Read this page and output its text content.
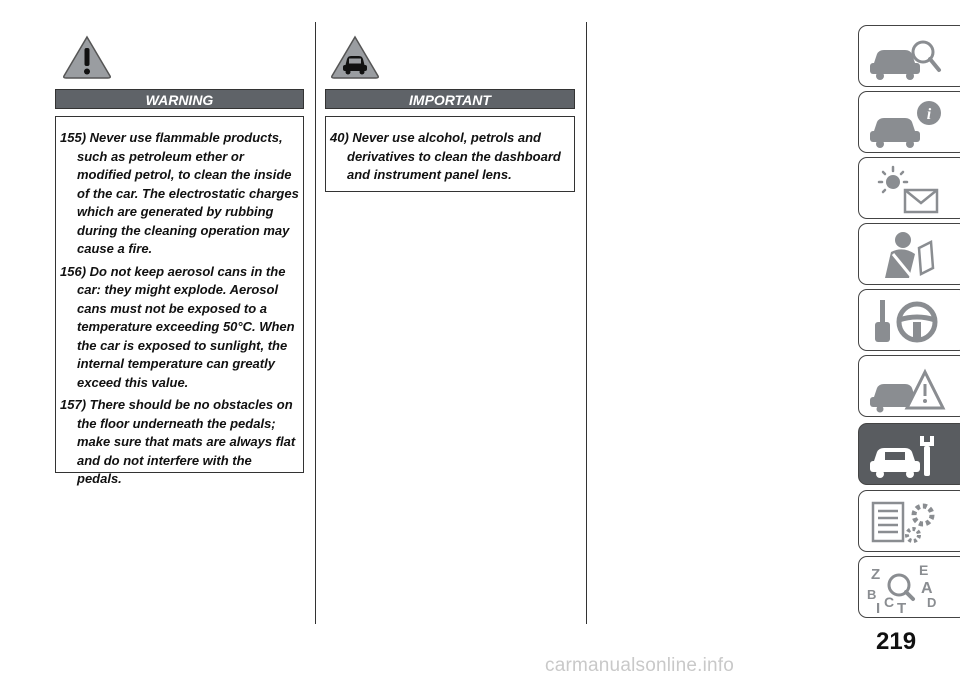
WARNING

155) Never use flammable products, such as petroleum ether or modified petrol, to clean the inside of the car. The electrostatic charges which are generated by rubbing during the cleaning operation may cause a fire.

156) Do not keep aerosol cans in the car: they might explode. Aerosol cans must not be exposed to a temperature exceeding 50°C. When the car is exposed to sunlight, the internal temperature can greatly exceed this value.

157) There should be no obstacles on the floor underneath the pedals; make sure that mats are always flat and do not interfere with the pedals.

IMPORTANT

40) Never use alcohol, petrols and derivatives to clean the dashboard and instrument panel lens.

i
Z	E
A
B C T D
I
219
carmanualsonline.info
